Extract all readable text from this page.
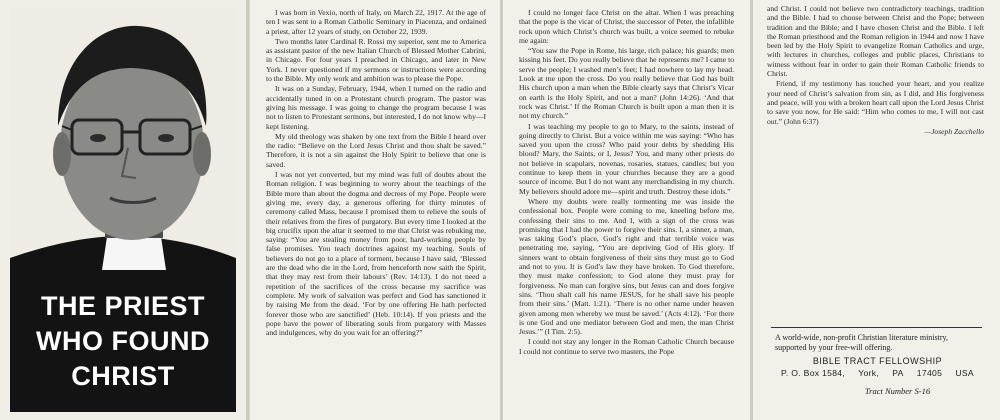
THE PRIEST
WHO FOUND
CHRIST

I was born in Vexio, north of Italy, on March 22, 1917. At the age of ten I was sent to a Roman Catholic Seminary in Piacenza, and ordained a priest, after 12 years of study, on October 22, 1939.

Two months later Cardinal R. Rossi my superior, sent me to America as assistant pastor of the new Italian Church of Blessed Mother Cabrini, in Chicago. For four years I preached in Chicago, and later in New York. I never questioned if my sermons or instructions were according to the Bible. My only work and ambition was to please the Pope.

It was on a Sunday, February, 1944, when I turned on the radio and accidentally tuned in on a Protestant church program. The pastor was giving his message. I was going to change the program because I was not to listen to Protestant sermons, but interested, I do not know why—I kept listening.

My old theology was shaken by one text from the Bible I heard over the radio: “Believe on the Lord Jesus Christ and thou shalt be saved.” Therefore, it is not a sin against the Holy Spirit to believe that one is saved.

I was not yet converted, but my mind was full of doubts about the Roman religion. I was beginning to worry about the teachings of the Bible more than about the dogma and decrees of my Pope. People were giving me, every day, a generous offering for thirty minutes of ceremony called Mass, because I promised them to relieve the souls of their relatives from the fires of purgatory. But every time I looked at the big crucifix upon the altar it seemed to me that Christ was rebuking me, saying: “You are stealing money from poor, hard-working people by false promises. You teach doctrines against my teaching. Souls of believers do not go to a place of torment, because I have said, ‘Blessed are the dead who die in the Lord, from henceforth now saith the Spirit, that they may rest from their labours’ (Rev. 14:13). I do not need a repetition of the sacrifices of the cross because my sacrifice was complete. My work of salvation was perfect and God has sanctioned it by raising Me from the dead. ‘For by one offering He hath perfected forever those who are sanctified’ (Heb. 10:14). If you priests and the pope have the power of liberating souls from purgatory with Masses and indulgences, why do you wait for an offering?”

I could no longer face Christ on the altar. When I was preaching that the pope is the vicar of Christ, the successor of Peter, the infallible rock upon which Christ’s church was built, a voice seemed to rebuke me again:

“You saw the Pope in Rome, his large, rich palace; his guards; men kissing his feet. Do you really believe that he represents me? I came to serve the people; I washed men’s feet; I had nowhere to lay my head. Look at me upon the cross. Do you really believe that God has built His church upon a man when the Bible clearly says that Christ’s Vicar on earth is the Holy Spirit, and not a man? (John 14:26). ‘And that rock was Christ.’ If the Roman Church is built upon a man then it is not my church.”

I was teaching my people to go to Mary, to the saints, instead of going directly to Christ. But a voice within me was saying: “Who has saved you upon the cross? Who paid your debts by shedding His blood? Mary, the Saints, or I, Jesus? You, and many other priests do not believe in scapulars, novenas, rosaries, statues, candles; but you continue to keep them in your churches because they are a good source of income. But I do not want any merchandising in my church. My believers should adore me—spirit and truth. Destroy these idols.”

Where my doubts were really tormenting me was inside the confessional box. People were coming to me, kneeling before me, confessing their sins to me. And I, with a sign of the cross was promising that I had the power to forgive their sins. I, a sinner, a man, was taking God’s place, God’s right and that terrible voice was penetrating me, saying, “You are depriving God of His glory. If sinners want to obtain forgiveness of their sins they must go to God and not to you. It is God’s law they have broken. To God therefore, they must make confession; to God alone they must pray for forgiveness. No man can forgive sins, but Jesus can and does forgive sins. ‘Thou shalt call his name JESUS, for he shall save his people from their sins.’ (Matt. 1:21). ‘There is no other name under heaven given among men whereby we must be saved.’ (Acts 4:12). ‘For there is one God and one mediator between God and men, the man Christ Jesus.’” (I Tim. 2:5).

I could not stay any longer in the Roman Catholic Church because I could not continue to serve two masters, the Pope

and Christ. I could not believe two contradictory teachings, tradition and the Bible. I had to choose between Christ and the Pope; between tradition and the Bible; and I have chosen Christ and the Bible. I left the Roman priesthood and the Roman religion in 1944 and now I have been led by the Holy Spirit to evangelize Roman Catholics and urge, with lectures in churches, colleges and public places, Christians to witness without fear in order to gain their Roman Catholic friends to Christ.

Friend, if my testimony has touched your heart, and you realize your need of Christ’s salvation from sin, as I did, and His forgiveness and peace, will you with a broken heart call upon the Lord Jesus Christ to save you now, for He said: “Him who comes to me, I will not cast out.” (John 6:37)

—Joseph Zacchello
A world-wide, non-profit Christian literature ministry, supported by your free-will offering.
BIBLE TRACT FELLOWSHIP
P. O. Box 1584, York, PA 17405 USA
Tract Number S-16
